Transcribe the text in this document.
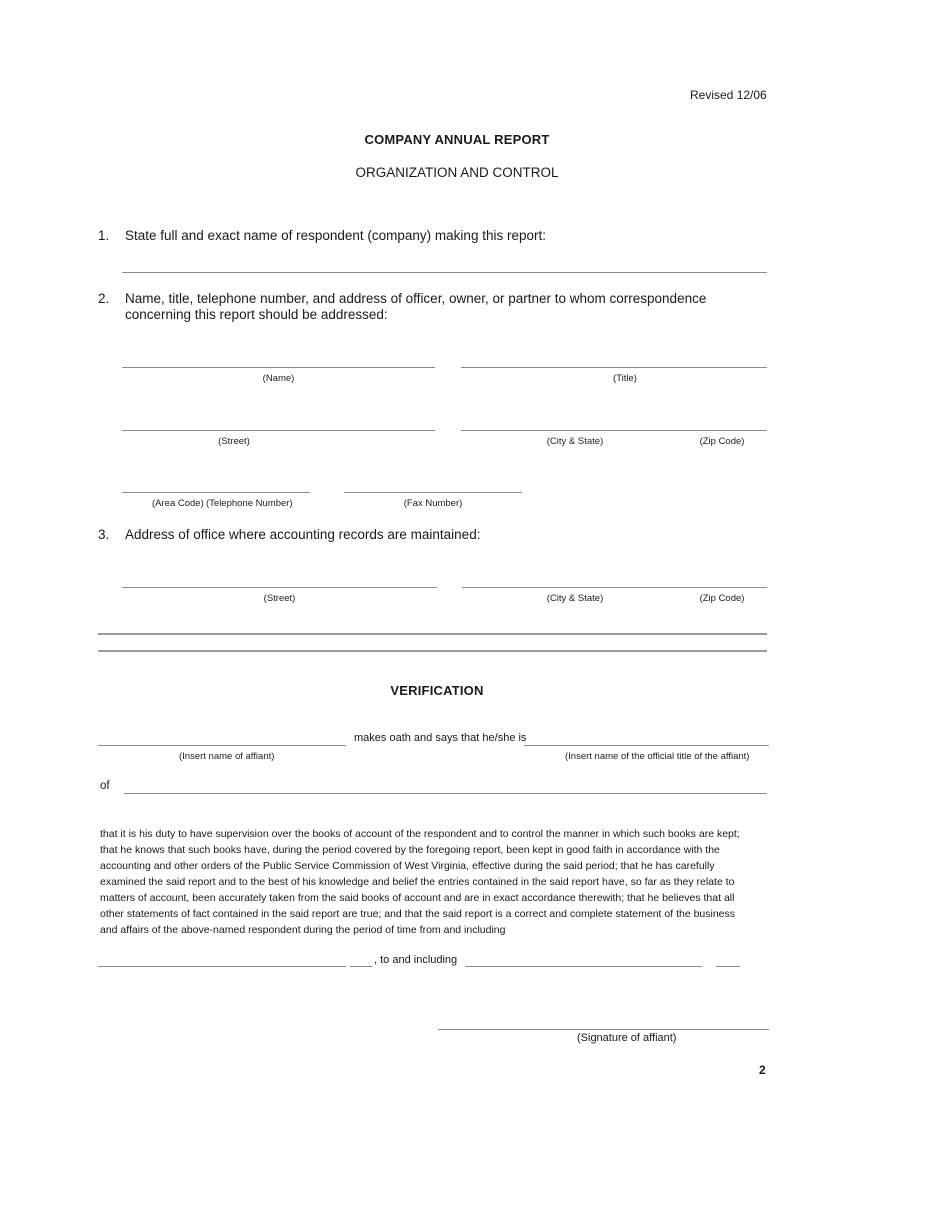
Revised 12/06
COMPANY ANNUAL REPORT
ORGANIZATION AND CONTROL
1. State full and exact name of respondent (company) making this report:
2. Name, title, telephone number, and address of officer, owner, or partner to whom correspondence
concerning this report should be addressed:
(Name)	(Title)
(Street)	(City & State)	(Zip Code)
(Area Code) (Telephone Number)	(Fax Number)
3. Address of office where accounting records are maintained:
(Street)	(City & State)	(Zip Code)
VERIFICATION
makes oath and says that he/she is
(Insert name of affiant)	(Insert name of the official title of the affiant)
of
that it is his duty to have supervision over the books of account of the respondent and to control the manner in which such books are kept;
that he knows that such books have, during the period covered by the foregoing report, been kept in good faith in accordance with the
accounting and other orders of the Public Service Commission of West Virginia, effective during the said period; that he has carefully
examined the said report and to the best of his knowledge and belief the entries contained in the said report have, so far as they relate to
matters of account, been accurately taken from the said books of account and are in exact accordance therewith; that he believes that all
other statements of fact contained in the said report are true; and that the said report is a correct and complete statement of the business
and affairs of the above-named respondent during the period of time from and including
, to and including
(Signature of affiant)
2
